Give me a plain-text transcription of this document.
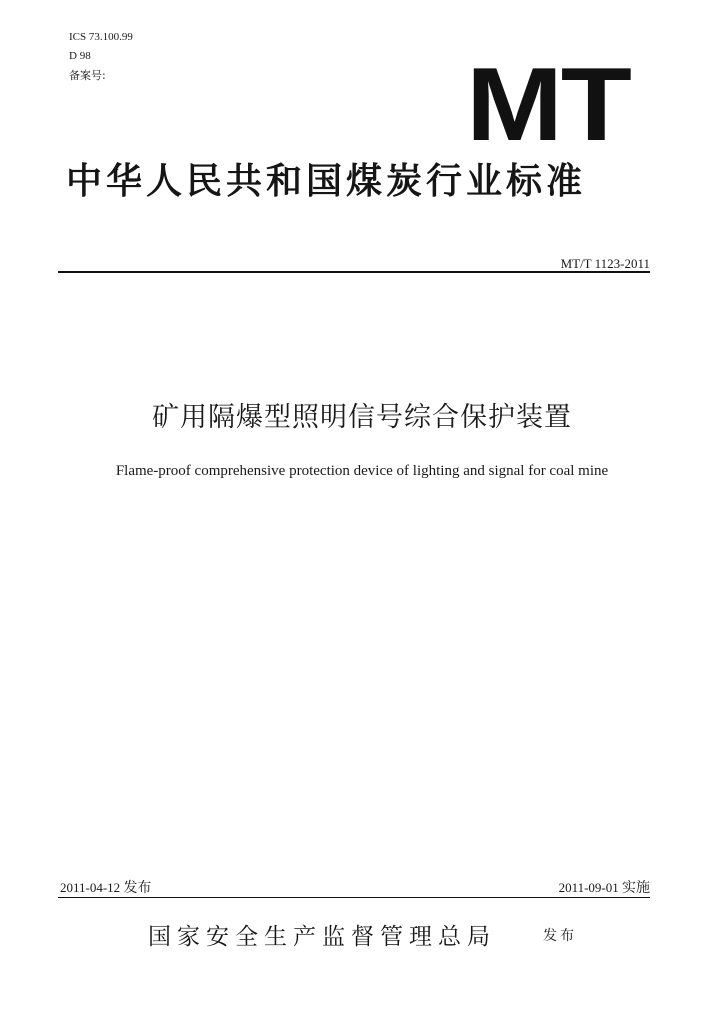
ICS 73.100.99
D 98
备案号:	MT
中华人民共和国煤炭行业标准
MT/T 1123-2011
矿用隔爆型照明信号综合保护装置
Flame-proof comprehensive protection device of lighting and signal for coal mine
2011-04-12 发布	2011-09-01 实施
国家安全生产监督管理总局	发布
